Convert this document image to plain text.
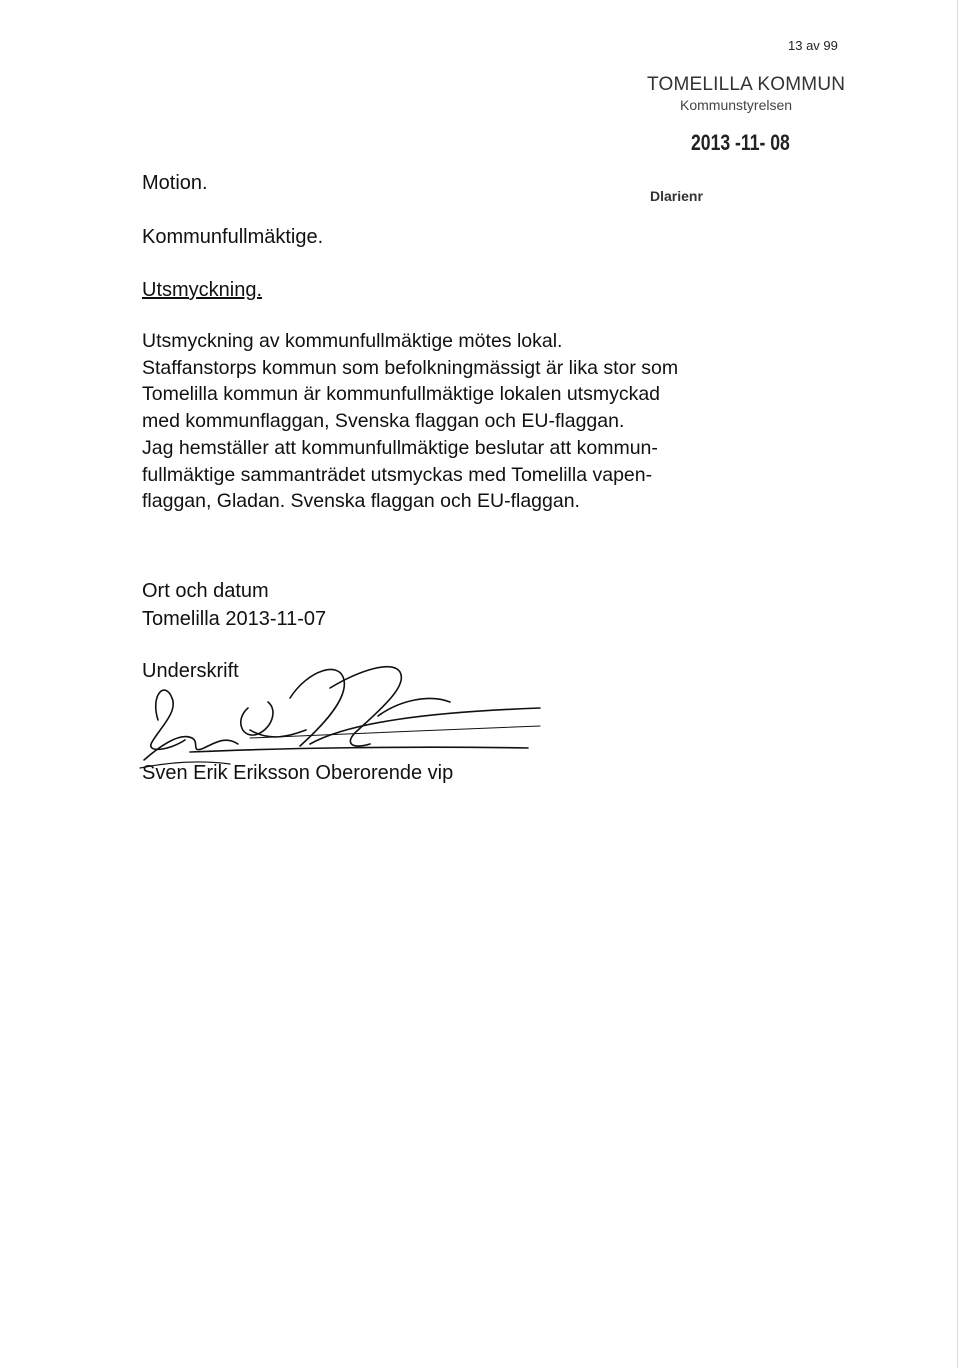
13 av 99
TOMELILLA KOMMUN
Kommunstyrelsen
2013 -11- 08
Dlarienr
Motion.
Kommunfullmäktige.
Utsmyckning.
Utsmyckning av kommunfullmäktige mötes lokal.
Staffanstorps kommun som befolkningmässigt är lika stor som
Tomelilla kommun är kommunfullmäktige lokalen utsmyckad
med kommunflaggan, Svenska flaggan och EU-flaggan.
Jag hemställer att kommunfullmäktige beslutar att kommun-
fullmäktige sammanträdet utsmyckas med Tomelilla vapen-
flaggan, Gladan. Svenska flaggan och EU-flaggan.
Ort och datum
Tomelilla 2013-11-07
Underskrift
Sven Erik Eriksson Oberorende vip
